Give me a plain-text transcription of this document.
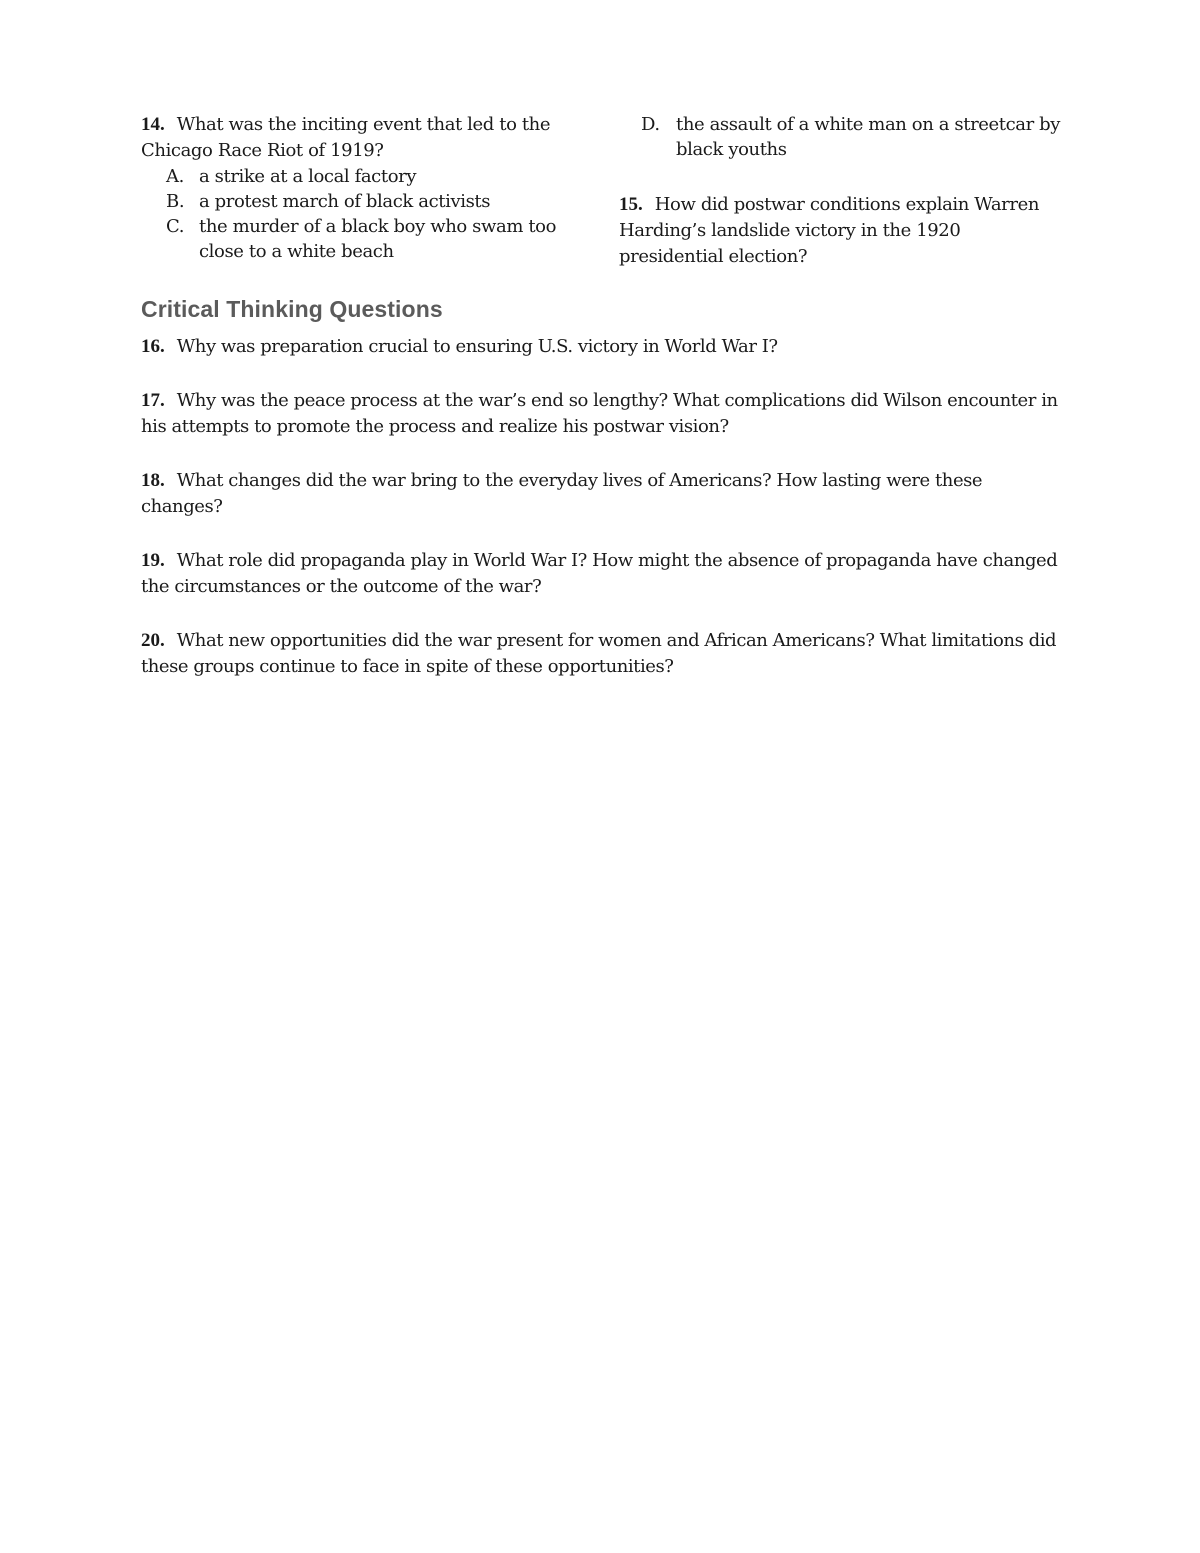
14. What was the inciting event that led to the Chicago Race Riot of 1919?

A. a strike at a local factory
B. a protest march of black activists
C. the murder of a black boy who swam too close to a white beach
D. the assault of a white man on a streetcar by black youths

15. How did postwar conditions explain Warren Harding’s landslide victory in the 1920 presidential election?

Critical Thinking Questions

16. Why was preparation crucial to ensuring U.S. victory in World War I?

17. Why was the peace process at the war’s end so lengthy? What complications did Wilson encounter in his attempts to promote the process and realize his postwar vision?

18. What changes did the war bring to the everyday lives of Americans? How lasting were these changes?

19. What role did propaganda play in World War I? How might the absence of propaganda have changed the circumstances or the outcome of the war?

20. What new opportunities did the war present for women and African Americans? What limitations did these groups continue to face in spite of these opportunities?
